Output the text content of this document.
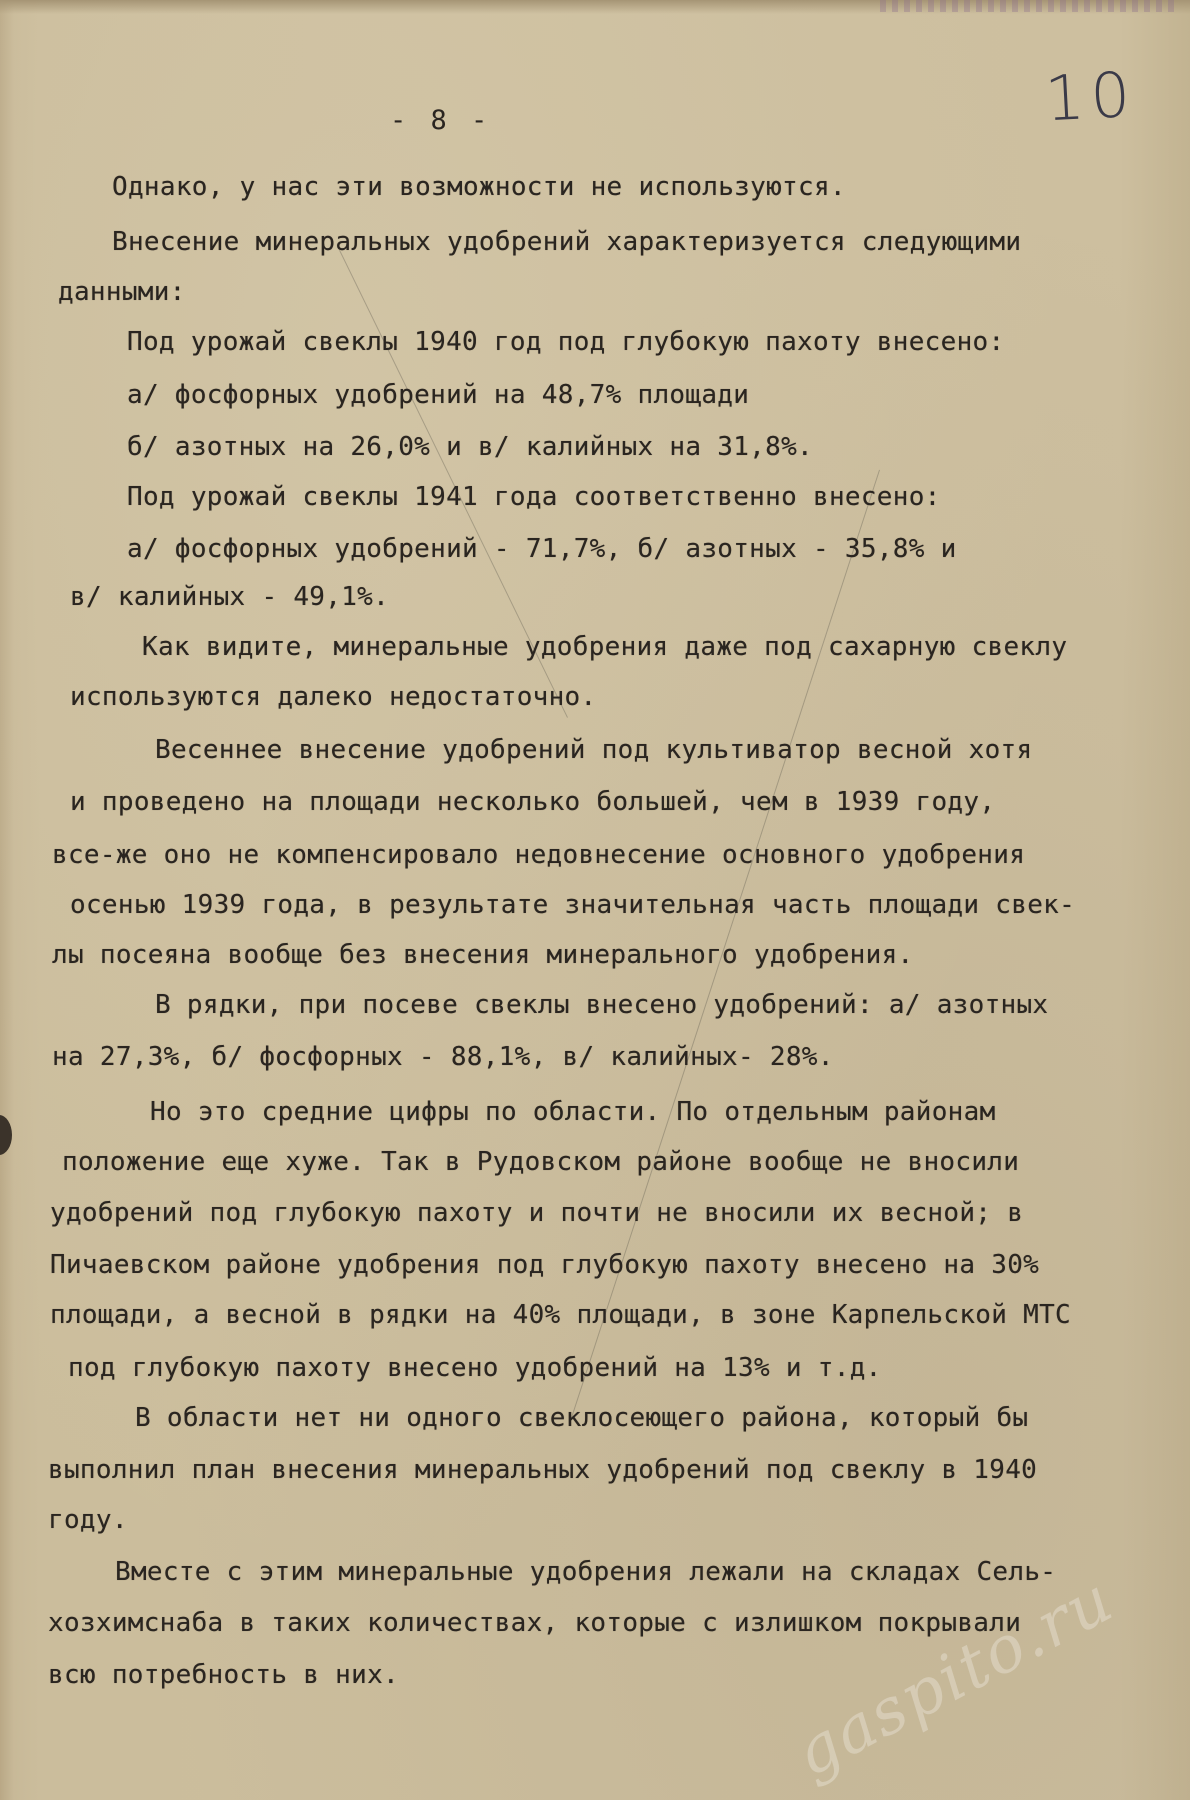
- 8 -	10
Однако, у нас эти возможности не используются.
Внесение минеральных удобрений характеризуется следующими
данными:
Под урожай свеклы 1940 год под глубокую пахоту внесено:
а/ фосфорных удобрений на 48,7% площади
б/ азотных на 26,0% и в/ калийных на 31,8%.
Под урожай свеклы 1941 года соответственно внесено:
а/ фосфорных удобрений - 71,7%, б/ азотных - 35,8% и
в/ калийных - 49,1%.
Как видите, минеральные удобрения даже под сахарную свеклу
используются далеко недостаточно.
Весеннее внесение удобрений под культиватор весной хотя
и проведено на площади несколько большей, чем в 1939 году,
все-же оно не компенсировало недовнесение основного удобрения
осенью 1939 года, в результате значительная часть площади свек-
лы посеяна вообще без внесения минерального удобрения.
В рядки, при посеве свеклы внесено удобрений: а/ азотных
на 27,3%, б/ фосфорных - 88,1%, в/ калийных- 28%.
Но это средние цифры по области. По отдельным районам
положение еще хуже. Так в Рудовском районе вообще не вносили
удобрений под глубокую пахоту и почти не вносили их весной; в
Пичаевском районе удобрения под глубокую пахоту внесено на 30%
площади, а весной в рядки на 40% площади, в зоне Карпельской МТС
под глубокую пахоту внесено удобрений на 13% и т.д.
В области нет ни одного свеклосеющего района, который бы
выполнил план внесения минеральных удобрений под свеклу в 1940
году.
Вместе с этим минеральные удобрения лежали на складах Сель-
хозхимснаба в таких количествах, которые с излишком покрывали
всю потребность в них.	gaspito.ru
